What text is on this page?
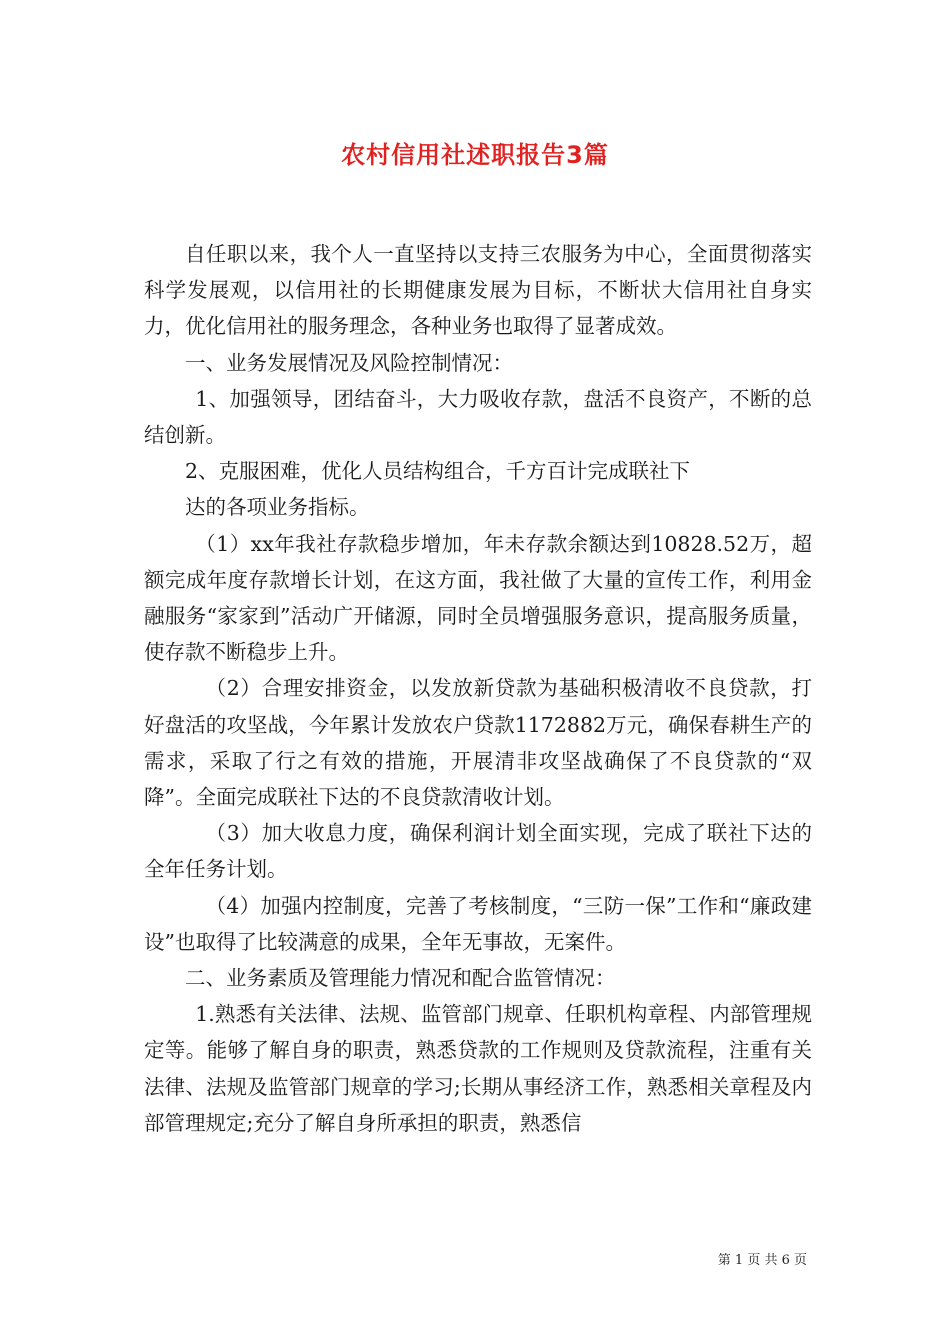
农村信用社述职报告3篇

自任职以来，我个人一直坚持以支持三农服务为中心，全面贯彻落实科学发展观，以信用社的长期健康发展为目标，不断状大信用社自身实力，优化信用社的服务理念，各种业务也取得了显著成效。

一、业务发展情况及风险控制情况：

1、加强领导，团结奋斗，大力吸收存款，盘活不良资产，不断的总结创新。

2、克服困难，优化人员结构组合，千方百计完成联社下

达的各项业务指标。

（1）xx年我社存款稳步增加，年未存款余额达到10828.52万，超额完成年度存款增长计划，在这方面，我社做了大量的宣传工作，利用金融服务“家家到”活动广开储源，同时全员增强服务意识，提高服务质量，使存款不断稳步上升。

（2）合理安排资金，以发放新贷款为基础积极清收不良贷款，打好盘活的攻坚战，今年累计发放农户贷款1172882万元，确保春耕生产的需求，采取了行之有效的措施，开展清非攻坚战确保了不良贷款的“双降”。全面完成联社下达的不良贷款清收计划。

（3）加大收息力度，确保利润计划全面实现，完成了联社下达的全年任务计划。

（4）加强内控制度，完善了考核制度，“三防一保”工作和“廉政建设”也取得了比较满意的成果，全年无事故，无案件。

二、业务素质及管理能力情况和配合监管情况：

1.熟悉有关法律、法规、监管部门规章、任职机构章程、内部管理规定等。能够了解自身的职责，熟悉贷款的工作规则及贷款流程，注重有关法律、法规及监管部门规章的学习;长期从事经济工作，熟悉相关章程及内部管理规定;充分了解自身所承担的职责，熟悉信

第 1 页 共 6 页
